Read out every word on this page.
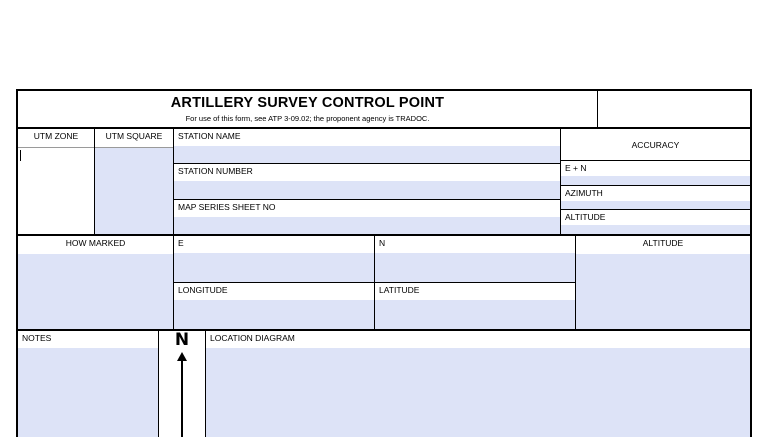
ARTILLERY SURVEY CONTROL POINT
For use of this form, see ATP 3-09.02; the proponent agency is TRADOC.
UTM ZONE	UTM SQUARE	STATION NAME
STATION NUMBER
MAP SERIES SHEET NO
ACCURACY
E + N
AZIMUTH
ALTITUDE
HOW MARKED	E	N
LONGITUDE	LATITUDE
ALTITUDE
NOTES	N	LOCATION DIAGRAM
